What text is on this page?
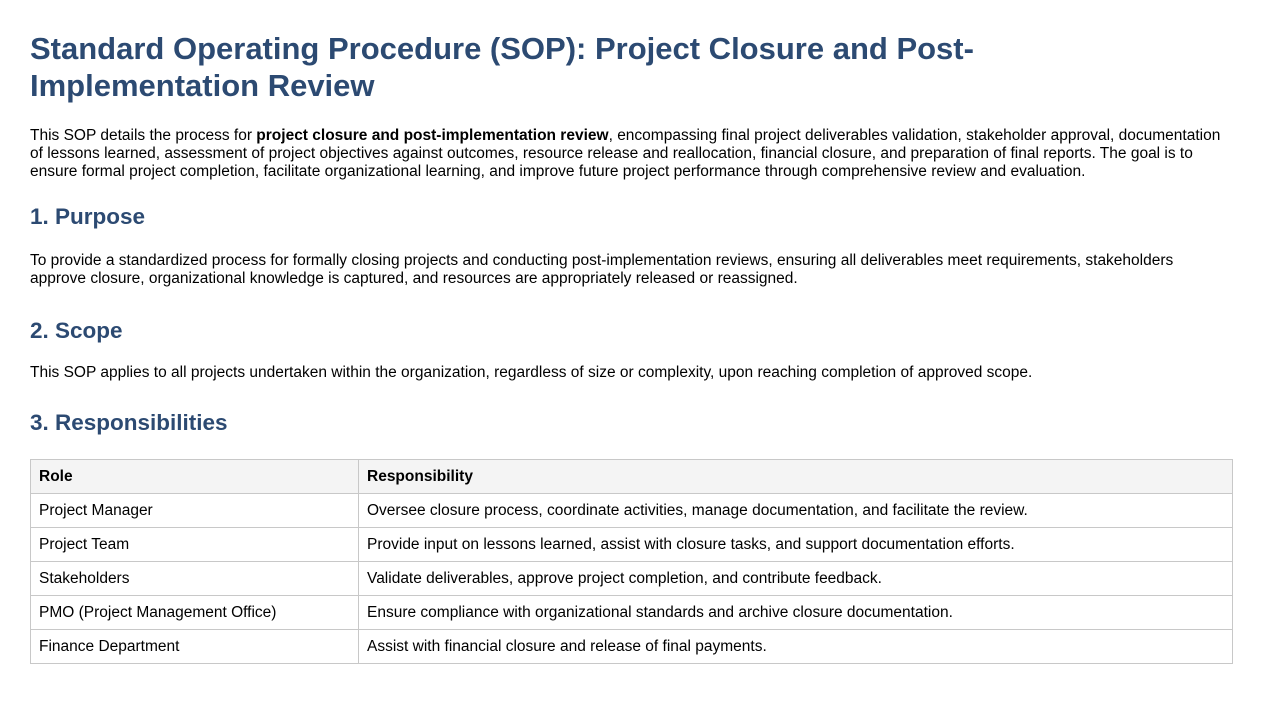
Standard Operating Procedure (SOP): Project Closure and Post-Implementation Review

This SOP details the process for project closure and post-implementation review, encompassing final project deliverables validation, stakeholder approval, documentation of lessons learned, assessment of project objectives against outcomes, resource release and reallocation, financial closure, and preparation of final reports. The goal is to ensure formal project completion, facilitate organizational learning, and improve future project performance through comprehensive review and evaluation.

1. Purpose

To provide a standardized process for formally closing projects and conducting post-implementation reviews, ensuring all deliverables meet requirements, stakeholders approve closure, organizational knowledge is captured, and resources are appropriately released or reassigned.

2. Scope

This SOP applies to all projects undertaken within the organization, regardless of size or complexity, upon reaching completion of approved scope.

3. Responsibilities
Role	Responsibility
Project Manager	Oversee closure process, coordinate activities, manage documentation, and facilitate the review.
Project Team	Provide input on lessons learned, assist with closure tasks, and support documentation efforts.
Stakeholders	Validate deliverables, approve project completion, and contribute feedback.
PMO (Project Management Office)	Ensure compliance with organizational standards and archive closure documentation.
Finance Department	Assist with financial closure and release of final payments.
